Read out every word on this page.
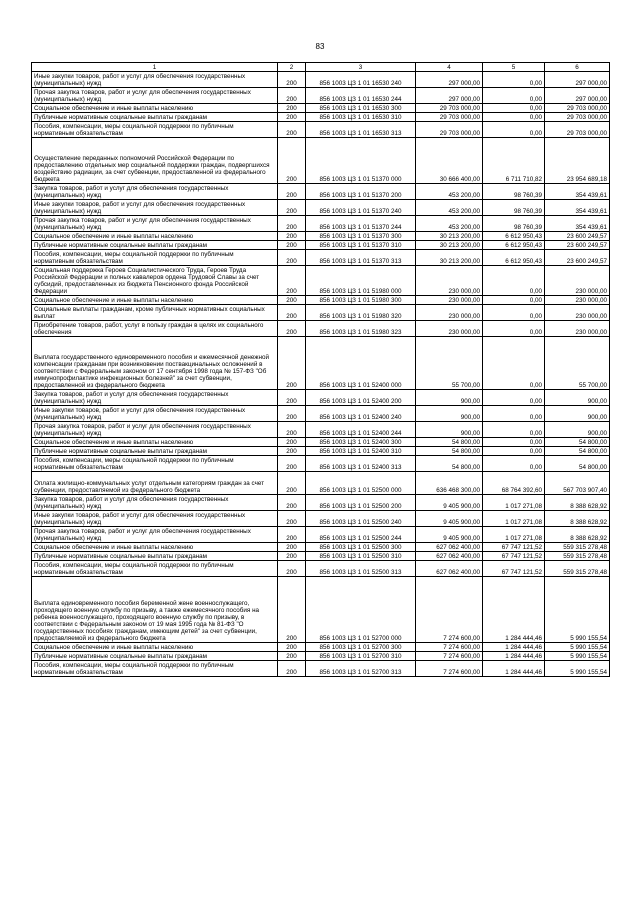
83
1	2	3	4	5	6
Иные закупки товаров, работ и услуг для обеспечения государственных (муниципальных) нужд	200	856 1003 ЦЗ 1 01 16530 240	297 000,00	0,00	297 000,00
Прочая закупка товаров, работ и услуг для обеспечения государственных (муниципальных) нужд	200	856 1003 ЦЗ 1 01 16530 244	297 000,00	0,00	297 000,00
Социальное обеспечение и иные выплаты населению	200	856 1003 ЦЗ 1 01 16530 300	29 703 000,00	0,00	29 703 000,00
Публичные нормативные социальные выплаты гражданам	200	856 1003 ЦЗ 1 01 16530 310	29 703 000,00	0,00	29 703 000,00
Пособия, компенсации, меры социальной поддержки по публичным нормативным обязательствам	200	856 1003 ЦЗ 1 01 16530 313	29 703 000,00	0,00	29 703 000,00
Осуществление переданных полномочий Российской Федерации по предоставлению отдельных мер социальной поддержки граждан, подвергшихся воздействию радиации, за счет субвенции, предоставленной из федерального бюджета	200	856 1003 ЦЗ 1 01 51370 000	30 666 400,00	6 711 710,82	23 954 689,18
Закупка товаров, работ и услуг для обеспечения государственных (муниципальных) нужд	200	856 1003 ЦЗ 1 01 51370 200	453 200,00	98 760,39	354 439,61
Иные закупки товаров, работ и услуг для обеспечения государственных (муниципальных) нужд	200	856 1003 ЦЗ 1 01 51370 240	453 200,00	98 760,39	354 439,61
Прочая закупка товаров, работ и услуг для обеспечения государственных (муниципальных) нужд	200	856 1003 ЦЗ 1 01 51370 244	453 200,00	98 760,39	354 439,61
Социальное обеспечение и иные выплаты населению	200	856 1003 ЦЗ 1 01 51370 300	30 213 200,00	6 612 950,43	23 600 249,57
Публичные нормативные социальные выплаты гражданам	200	856 1003 ЦЗ 1 01 51370 310	30 213 200,00	6 612 950,43	23 600 249,57
Пособия, компенсации, меры социальной поддержки по публичным нормативным обязательствам	200	856 1003 ЦЗ 1 01 51370 313	30 213 200,00	6 612 950,43	23 600 249,57
Социальная поддержка Героев Социалистического Труда, Героев Труда Российской Федерации и полных кавалеров ордена Трудовой Славы за счет субсидий, предоставленных из бюджета Пенсионного фонда Российской Федерации	200	856 1003 ЦЗ 1 01 51980 000	230 000,00	0,00	230 000,00
Социальное обеспечение и иные выплаты населению	200	856 1003 ЦЗ 1 01 51980 300	230 000,00	0,00	230 000,00
Социальные выплаты гражданам, кроме публичных нормативных социальных выплат	200	856 1003 ЦЗ 1 01 51980 320	230 000,00	0,00	230 000,00
Приобретение товаров, работ, услуг в пользу граждан в целях их социального обеспечения	200	856 1003 ЦЗ 1 01 51980 323	230 000,00	0,00	230 000,00
Выплата государственного единовременного пособия и ежемесячной денежной компенсации гражданам при возникновении поствакцинальных осложнений в соответствии с Федеральным законом от 17 сентября 1998 года № 157-ФЗ "Об иммунопрофилактике инфекционных болезней" за счет субвенции, предоставленной из федерального бюджета	200	856 1003 ЦЗ 1 01 52400 000	55 700,00	0,00	55 700,00
Закупка товаров, работ и услуг для обеспечения государственных (муниципальных) нужд	200	856 1003 ЦЗ 1 01 52400 200	900,00	0,00	900,00
Иные закупки товаров, работ и услуг для обеспечения государственных (муниципальных) нужд	200	856 1003 ЦЗ 1 01 52400 240	900,00	0,00	900,00
Прочая закупка товаров, работ и услуг для обеспечения государственных (муниципальных) нужд	200	856 1003 ЦЗ 1 01 52400 244	900,00	0,00	900,00
Социальное обеспечение и иные выплаты населению	200	856 1003 ЦЗ 1 01 52400 300	54 800,00	0,00	54 800,00
Публичные нормативные социальные выплаты гражданам	200	856 1003 ЦЗ 1 01 52400 310	54 800,00	0,00	54 800,00
Пособия, компенсации, меры социальной поддержки по публичным нормативным обязательствам	200	856 1003 ЦЗ 1 01 52400 313	54 800,00	0,00	54 800,00
Оплата жилищно-коммунальных услуг отдельным категориям граждан за счет субвенции, предоставляемой из федерального бюджета	200	856 1003 ЦЗ 1 01 52500 000	636 468 300,00	68 764 392,60	567 703 907,40
Закупка товаров, работ и услуг для обеспечения государственных (муниципальных) нужд	200	856 1003 ЦЗ 1 01 52500 200	9 405 900,00	1 017 271,08	8 388 628,92
Иные закупки товаров, работ и услуг для обеспечения государственных (муниципальных) нужд	200	856 1003 ЦЗ 1 01 52500 240	9 405 900,00	1 017 271,08	8 388 628,92
Прочая закупка товаров, работ и услуг для обеспечения государственных (муниципальных) нужд	200	856 1003 ЦЗ 1 01 52500 244	9 405 900,00	1 017 271,08	8 388 628,92
Социальное обеспечение и иные выплаты населению	200	856 1003 ЦЗ 1 01 52500 300	627 062 400,00	67 747 121,52	559 315 278,48
Публичные нормативные социальные выплаты гражданам	200	856 1003 ЦЗ 1 01 52500 310	627 062 400,00	67 747 121,52	559 315 278,48
Пособия, компенсации, меры социальной поддержки по публичным нормативным обязательствам	200	856 1003 ЦЗ 1 01 52500 313	627 062 400,00	67 747 121,52	559 315 278,48
Выплата единовременного пособия беременной жене военнослужащего, проходящего военную службу по призыву, а также ежемесячного пособия на ребенка военнослужащего, проходящего военную службу по призыву, в соответствии с Федеральным законом от 19 мая 1995 года № 81-ФЗ "О государственных пособиях гражданам, имеющим детей" за счет субвенции, предоставляемой из федерального бюджета	200	856 1003 ЦЗ 1 01 52700 000	7 274 600,00	1 284 444,46	5 990 155,54
Социальное обеспечение и иные выплаты населению	200	856 1003 ЦЗ 1 01 52700 300	7 274 600,00	1 284 444,46	5 990 155,54
Публичные нормативные социальные выплаты гражданам	200	856 1003 ЦЗ 1 01 52700 310	7 274 600,00	1 284 444,46	5 990 155,54
Пособия, компенсации, меры социальной поддержки по публичным нормативным обязательствам	200	856 1003 ЦЗ 1 01 52700 313	7 274 600,00	1 284 444,46	5 990 155,54
